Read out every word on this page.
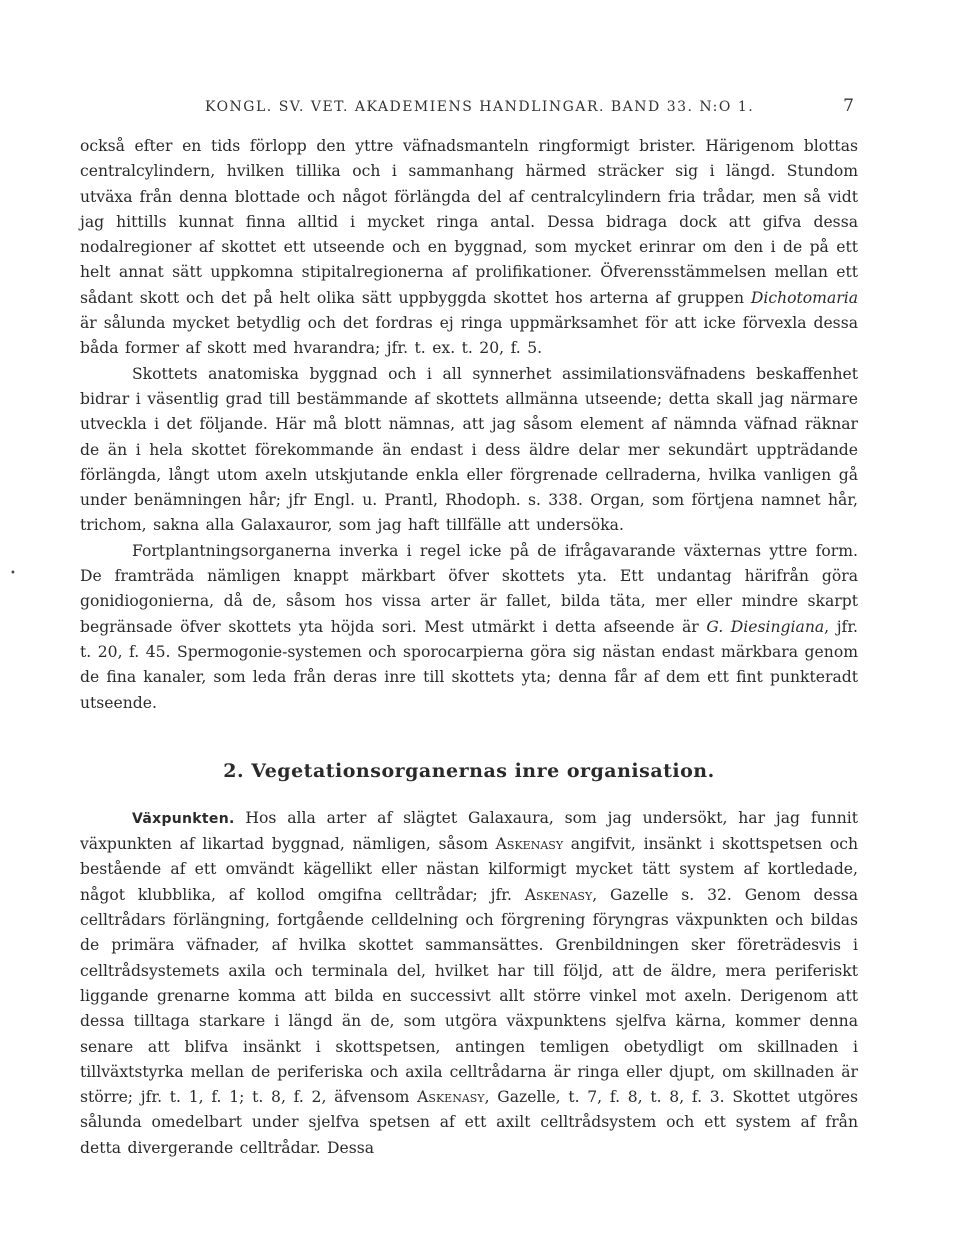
•
KONGL. SV. VET. AKADEMIENS HANDLINGAR. BAND 33. N:O 1.	7

också efter en tids förlopp den yttre väfnadsmanteln ringformigt brister. Härigenom blottas centralcylindern, hvilken tillika och i sammanhang härmed sträcker sig i längd. Stundom utväxa från denna blottade och något förlängda del af centralcylindern fria trådar, men så vidt jag hittills kunnat finna alltid i mycket ringa antal. Dessa bidraga dock att gifva dessa nodalregioner af skottet ett utseende och en byggnad, som mycket erinrar om den i de på ett helt annat sätt uppkomna stipitalregionerna af prolifikationer. Öfverensstämmelsen mellan ett sådant skott och det på helt olika sätt uppbyggda skottet hos arterna af gruppen Dichotomaria är sålunda mycket betydlig och det fordras ej ringa uppmärksamhet för att icke förvexla dessa båda former af skott med hvarandra; jfr. t. ex. t. 20, f. 5.

Skottets anatomiska byggnad och i all synnerhet assimilationsväfnadens beskaffenhet bidrar i väsentlig grad till bestämmande af skottets allmänna utseende; detta skall jag närmare utveckla i det följande. Här må blott nämnas, att jag såsom element af nämnda väfnad räknar de än i hela skottet förekommande än endast i dess äldre delar mer sekundärt uppträdande förlängda, långt utom axeln utskjutande enkla eller förgrenade cellraderna, hvilka vanligen gå under benämningen hår; jfr Engl. u. Prantl, Rhodoph. s. 338. Organ, som förtjena namnet hår, trichom, sakna alla Galaxauror, som jag haft tillfälle att undersöka.

Fortplantningsorganerna inverka i regel icke på de ifrågavarande växternas yttre form. De framträda nämligen knappt märkbart öfver skottets yta. Ett undantag härifrån göra gonidiogonierna, då de, såsom hos vissa arter är fallet, bilda täta, mer eller mindre skarpt begränsade öfver skottets yta höjda sori. Mest utmärkt i detta afseende är G. Diesingiana, jfr. t. 20, f. 45. Spermogonie-systemen och sporocarpierna göra sig nästan endast märkbara genom de fina kanaler, som leda från deras inre till skottets yta; denna får af dem ett fint punkteradt utseende.

2. Vegetationsorganernas inre organisation.

Växpunkten. Hos alla arter af slägtet Galaxaura, som jag undersökt, har jag funnit växpunkten af likartad byggnad, nämligen, såsom Askenasy angifvit, insänkt i skottspetsen och bestående af ett omvändt kägellikt eller nästan kilformigt mycket tätt system af kortledade, något klubblika, af kollod omgifna celltrådar; jfr. Askenasy, Gazelle s. 32. Genom dessa celltrådars förlängning, fortgående celldelning och förgrening föryngras växpunkten och bildas de primära väfnader, af hvilka skottet sammansättes. Grenbildningen sker företrädesvis i celltrådsystemets axila och terminala del, hvilket har till följd, att de äldre, mera periferiskt liggande grenarne komma att bilda en successivt allt större vinkel mot axeln. Derigenom att dessa tilltaga starkare i längd än de, som utgöra växpunktens sjelfva kärna, kommer denna senare att blifva insänkt i skottspetsen, antingen temligen obetydligt om skillnaden i tillväxtstyrka mellan de periferiska och axila celltrådarna är ringa eller djupt, om skillnaden är större; jfr. t. 1, f. 1; t. 8, f. 2, äfvensom Askenasy, Gazelle, t. 7, f. 8, t. 8, f. 3. Skottet utgöres sålunda omedelbart under sjelfva spetsen af ett axilt celltrådsystem och ett system af från detta divergerande celltrådar. Dessa
